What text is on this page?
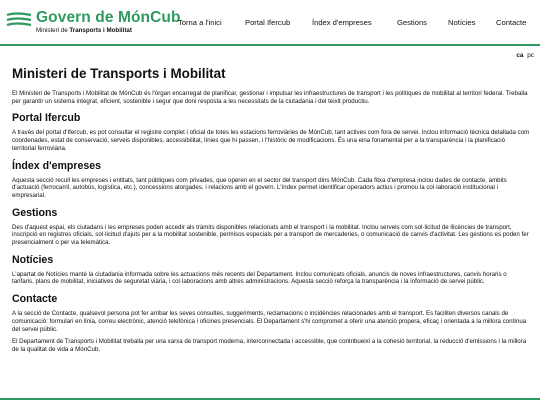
Govern de MónCub
Ministeri de Transports i Mobilitat
Torna a l'inici	Portal Ifercub	Índex d'empreses	Gestions	Notícies	Contacte
ca pc
Ministeri de Transports i Mobilitat

El Ministeri de Transports i Mobilitat de MónCub és l'òrgan encarregat de planificar, gestionar i impulsar les infraestructures de transport i les polítiques de mobilitat al territori federal. Treballa per garantir un sistema integrat, eficient, sostenible i segur que doni resposta a les necessitats de la ciutadania i del teixit productiu.

Portal Ifercub

A través del portal d'Ifercub, es pot consultar el registre complet i oficial de totes les estacions ferroviàries de MónCub, tant actives com fora de servei. Inclou informació tècnica detallada com coordenades, estat de conservació, serveis disponibles, accessibilitat, línies que hi passen, i l'històric de modificacions. És una eina fonamental per a la transparència i la planificació territorial ferroviària.

Índex d'empreses

Aquesta secció recull les empreses i entitats, tant públiques com privades, que operen en el sector del transport dins MónCub. Cada fitxa d'empresa inclou dades de contacte, àmbits d'actuació (ferrocarril, autobús, logística, etc.), concessions atorgades, i relacions amb el govern. L'índex permet identificar operadors actius i promou la col·laboració institucional i empresarial.

Gestions

Des d'aquest espai, els ciutadans i les empreses poden accedir als tràmits disponibles relacionats amb el transport i la mobilitat. Inclou serveis com sol·licitud de llicències de transport, inscripció en registres oficials, sol·licitud d'ajuts per a la mobilitat sostenible, permisos especials per a transport de mercaderies, o comunicació de canvis d'activitat. Les gestions es poden fer presencialment o per via telemàtica.

Notícies

L'apartat de Notícies manté la ciutadania informada sobre les actuacions més recents del Departament. Inclou comunicats oficials, anuncis de noves infraestructures, canvis horaris o tarifaris, plans de mobilitat, iniciatives de seguretat viària, i col·laboracions amb altres administracions. Aquesta secció reforça la transparència i la informació de servei públic.

Contacte

A la secció de Contacte, qualsevol persona pot fer arribar les seves consultes, suggeriments, reclamacions o incidències relacionades amb el transport. Es faciliten diversos canals de comunicació: formulari en línia, correu electrònic, atenció telefònica i oficines presencials. El Departament s'hi compromet a oferir una atenció propera, eficaç i orientada a la millora contínua del servei públic.

El Departament de Transports i Mobilitat treballa per una xarxa de transport moderna, interconnectada i accessible, que contribueixi a la cohesió territorial, la reducció d'emissions i la millora de la qualitat de vida a MónCub.
